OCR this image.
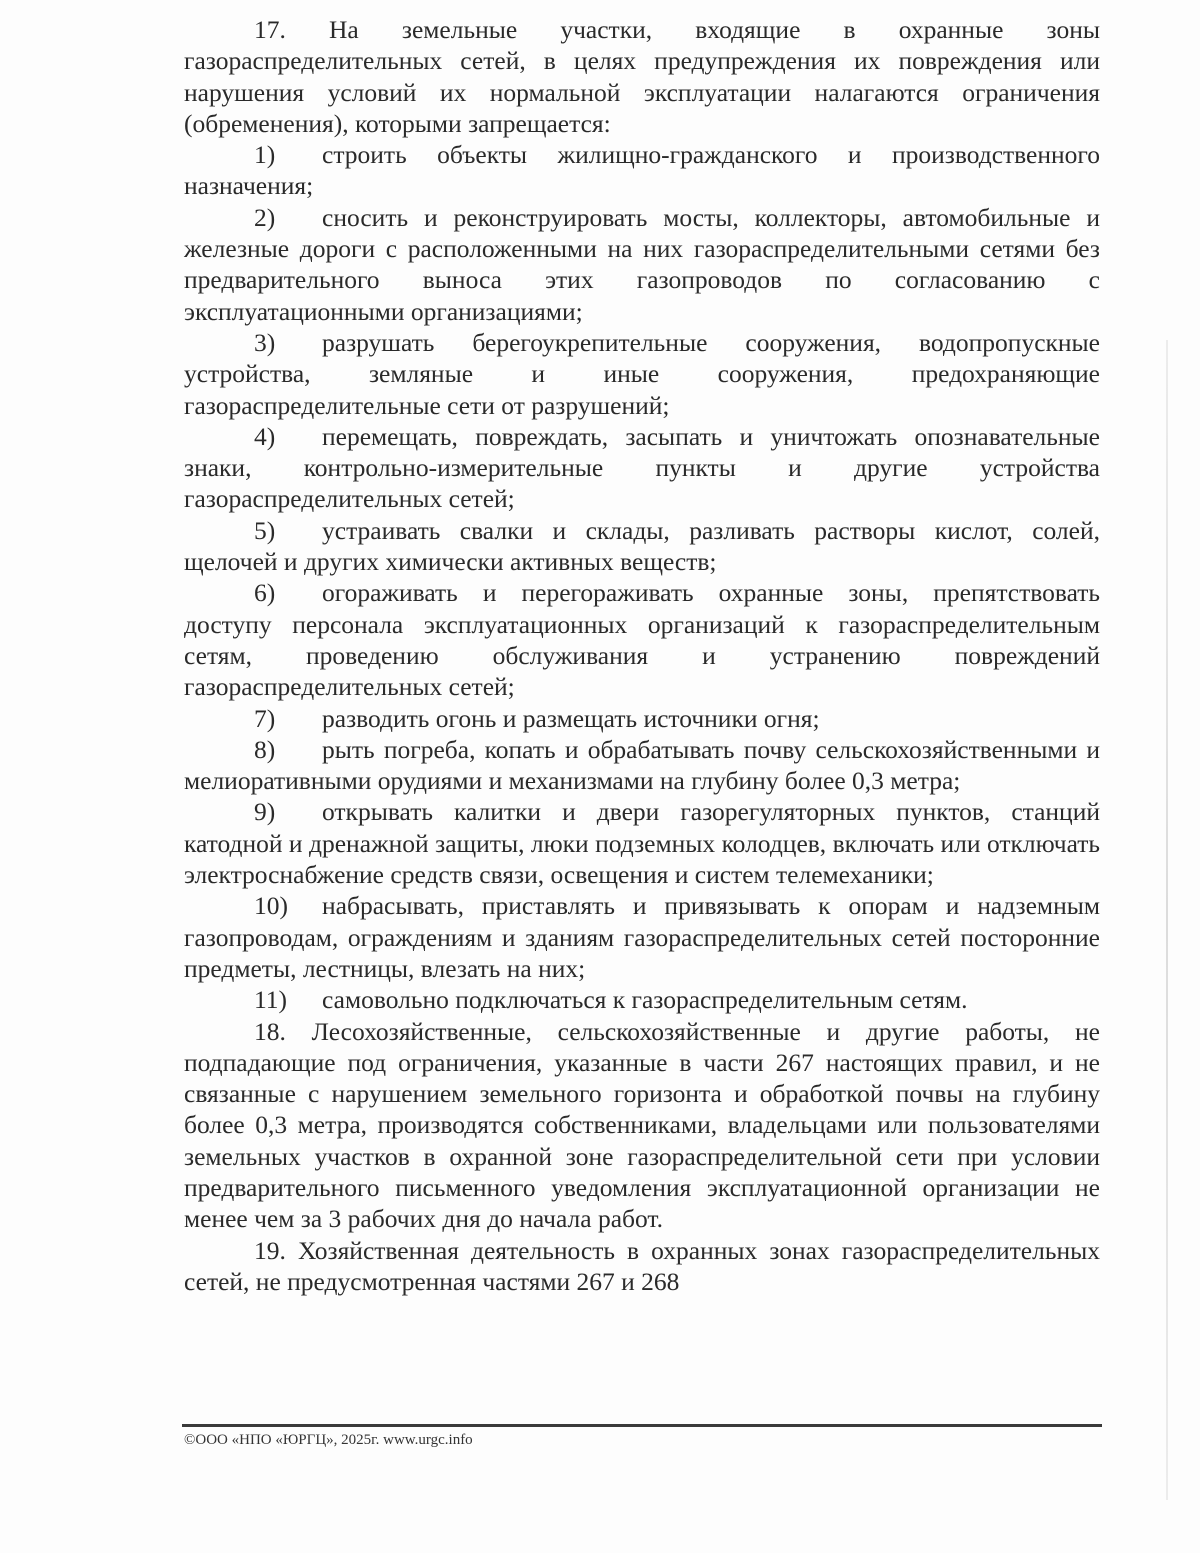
17. На земельные участки, входящие в охранные зоны газораспределительных сетей, в целях предупреждения их повреждения или нарушения условий их нормальной эксплуатации налагаются ограничения (обременения), которыми запрещается:

1) строить объекты жилищно-гражданского и производственного назначения;

2) сносить и реконструировать мосты, коллекторы, автомобильные и железные дороги с расположенными на них газораспределительными сетями без предварительного выноса этих газопроводов по согласованию с эксплуатационными организациями;

3) разрушать берегоукрепительные сооружения, водопропускные устройства, земляные и иные сооружения, предохраняющие газораспределительные сети от разрушений;

4) перемещать, повреждать, засыпать и уничтожать опознавательные знаки, контрольно-измерительные пункты и другие устройства газораспределительных сетей;

5) устраивать свалки и склады, разливать растворы кислот, солей, щелочей и других химически активных веществ;

6) огораживать и перегораживать охранные зоны, препятствовать доступу персонала эксплуатационных организаций к газораспределительным сетям, проведению обслуживания и устранению повреждений газораспределительных сетей;

7) разводить огонь и размещать источники огня;

8) рыть погреба, копать и обрабатывать почву сельскохозяйственными и мелиоративными орудиями и механизмами на глубину более 0,3 метра;

9) открывать калитки и двери газорегуляторных пунктов, станций катодной и дренажной защиты, люки подземных колодцев, включать или отключать электроснабжение средств связи, освещения и систем телемеханики;

10) набрасывать, приставлять и привязывать к опорам и надземным газопроводам, ограждениям и зданиям газораспределительных сетей посторонние предметы, лестницы, влезать на них;

11) самовольно подключаться к газораспределительным сетям.

18. Лесохозяйственные, сельскохозяйственные и другие работы, не подпадающие под ограничения, указанные в части 267 настоящих правил, и не связанные с нарушением земельного горизонта и обработкой почвы на глубину более 0,3 метра, производятся собственниками, владельцами или пользователями земельных участков в охранной зоне газораспределительной сети при условии предварительного письменного уведомления эксплуатационной организации не менее чем за 3 рабочих дня до начала работ.

19. Хозяйственная деятельность в охранных зонах газораспределительных сетей, не предусмотренная частями 267 и 268

©ООО «НПО «ЮРГЦ», 2025г. www.urgc.info
